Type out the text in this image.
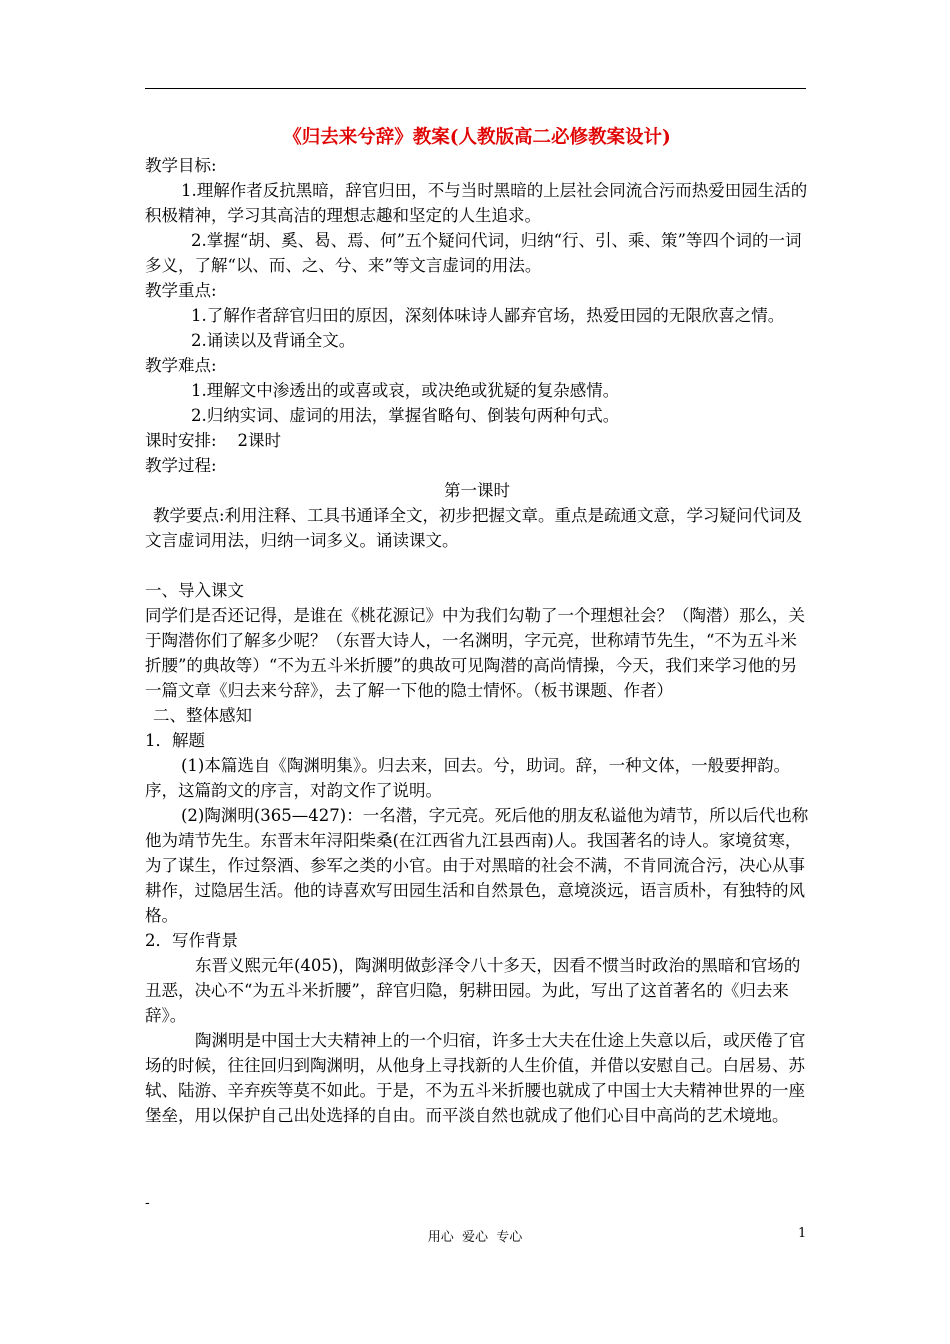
《归去来兮辞》教案(人教版高二必修教案设计)

教学目标:

1.理解作者反抗黑暗，辞官归田，不与当时黑暗的上层社会同流合污而热爱田园生活的积极精神，学习其高洁的理想志趣和坚定的人生追求。

2.掌握“胡、奚、曷、焉、何”五个疑问代词，归纳“行、引、乘、策”等四个词的一词多义，了解“以、而、之、兮、来”等文言虚词的用法。

教学重点:

1.了解作者辞官归田的原因，深刻体味诗人鄙弃官场，热爱田园的无限欣喜之情。

2.诵读以及背诵全文。

教学难点:

1.理解文中渗透出的或喜或哀，或决绝或犹疑的复杂感情。

2.归纳实词、虚词的用法，掌握省略句、倒装句两种句式。

课时安排:    2课时

教学过程:

第一课时

教学要点:利用注释、工具书通译全文，初步把握文章。重点是疏通文意，学习疑问代词及文言虚词用法，归纳一词多义。诵读课文。

一、导入课文

同学们是否还记得，是谁在《桃花源记》中为我们勾勒了一个理想社会？（陶潜）那么，关于陶潜你们了解多少呢？（东晋大诗人，一名渊明，字元亮，世称靖节先生，“不为五斗米折腰”的典故等）“不为五斗米折腰”的典故可见陶潜的高尚情操，今天，我们来学习他的另一篇文章《归去来兮辞》，去了解一下他的隐士情怀。（板书课题、作者）

二、整体感知

1．解题

(1)本篇选自《陶渊明集》。归去来，回去。兮，助词。辞，一种文体，一般要押韵。序，这篇韵文的序言，对韵文作了说明。

(2)陶渊明(365—427)：一名潜，字元亮。死后他的朋友私谥他为靖节，所以后代也称他为靖节先生。东晋末年浔阳柴桑(在江西省九江县西南)人。我国著名的诗人。家境贫寒，为了谋生，作过祭酒、参军之类的小官。由于对黑暗的社会不满，不肯同流合污，决心从事耕作，过隐居生活。他的诗喜欢写田园生活和自然景色，意境淡远，语言质朴，有独特的风格。

2．写作背景

东晋义熙元年(405)，陶渊明做彭泽令八十多天，因看不惯当时政治的黑暗和官场的丑恶，决心不“为五斗米折腰”，辞官归隐，躬耕田园。为此，写出了这首著名的《归去来辞》。

陶渊明是中国士大夫精神上的一个归宿，许多士大夫在仕途上失意以后，或厌倦了官场的时候，往往回归到陶渊明，从他身上寻找新的人生价值，并借以安慰自己。白居易、苏轼、陆游、辛弃疾等莫不如此。于是，不为五斗米折腰也就成了中国士大夫精神世界的一座堡垒，用以保护自己出处选择的自由。而平淡自然也就成了他们心目中高尚的艺术境地。

-
用心  爱心  专心	1
